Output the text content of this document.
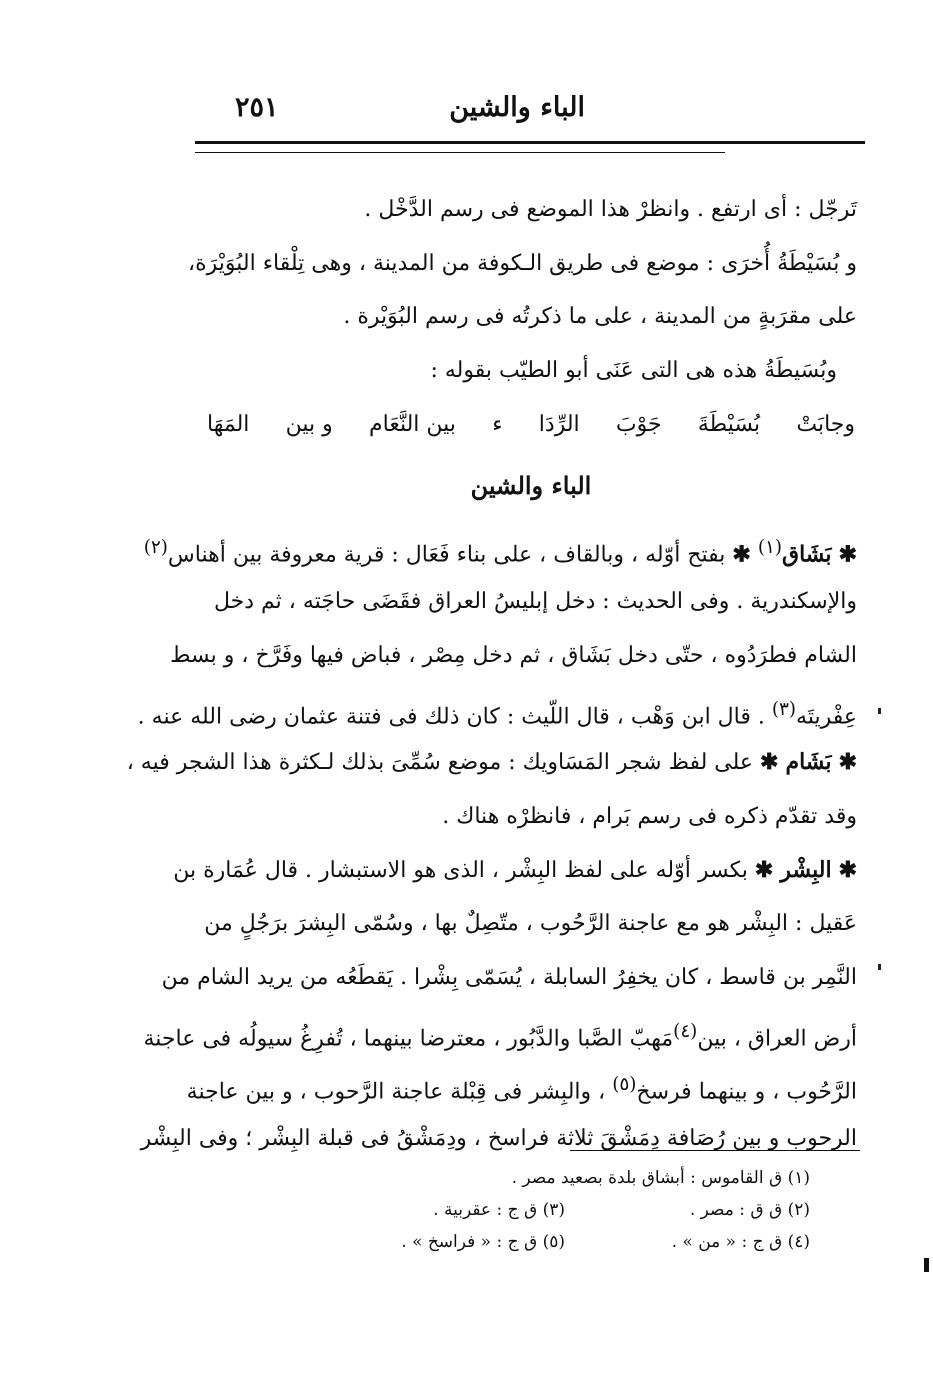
الباء والشين
٢٥١
تَرجّل : أى ارتفع . وانظرْ هذا الموضع فى رسم الدَّخْل .
و بُسَيْطَةُ أُخرَى : موضع فى طريق الـكوفة من المدينة ، وهى تِلْقاء البُوَيْرَة،
على مقرَبةٍ من المدينة ، على ما ذكرتُه فى رسم البُوَيْرة .
وبُسَيطَةُ هذه هى التى عَنَى أبو الطيّب بقوله :
وجابَتْ
بُسَيْطَةَ
جَوْبَ
الرِّدَا
ء
بين النَّعَام
و بين
المَهَا
الباء والشين
✱ بَشَاق$^{(١)}$ ✱ بفتح أوّله ، وبالقاف ، على بناء فَعَال : قرية معروفة بين أهناس$^{(٢)}$
والإسكندرية . وفى الحديث : دخل إبليسُ العراق فقَضَى حاجَته ، ثم دخل
الشام فطرَدُوه ، حتّى دخل بَشَاق ، ثم دخل مِصْر ، فباض فيها وفَرَّخ ، و بسط
عِفْريتَه$^{(٣)}$ . قال ابن وَهْب ، قال اللّيث : كان ذلك فى فتنة عثمان رضى الله عنه .
✱ بَشَام ✱ على لفظ شجر المَسَاويك : موضع سُمِّىَ بذلك لـكثرة هذا الشجر فيه ،
وقد تقدّم ذكره فى رسم بَرام ، فانظرْه هناك .
✱ البِشْر ✱ بكسر أوّله على لفظ البِشْر ، الذى هو الاستبشار . قال عُمَارة بن
عَقيل : البِشْر هو مع عاجنة الرَّحُوب ، متّصِلٌ بها ، وسُمّى البِشرَ برَجُلٍ من
النَّمِر بن قاسط ، كان يخفِرُ السابلة ، يُسَمّى بِشْرا . يَقطَعُه من يريد الشام من
أرض العراق ، بين$^{(٤)}$مَهبّ الصَّبا والدَّبُور ، معترضا بينهما ، تُفرِغُ سيولُه فى عاجنة
الرَّحُوب ، و بينهما فرسخ$^{(٥)}$ ، والبِشر فى قِبْلة عاجنة الرَّحوب ، و بين عاجنة
الرحوب و بين رُصَافة دِمَشْقَ ثلاثة فراسخ ، ودِمَشْقُ فى قبلة البِشْر ؛ وفى البِشْر
(١) ق القاموس : أبشاق بلدة بصعيد مصر .
(٢) ق ق : مصر .
(٣) ق ج : عقربية .
(٤) ق ج : « من » .
(٥) ق ج : « فراسخ » .
